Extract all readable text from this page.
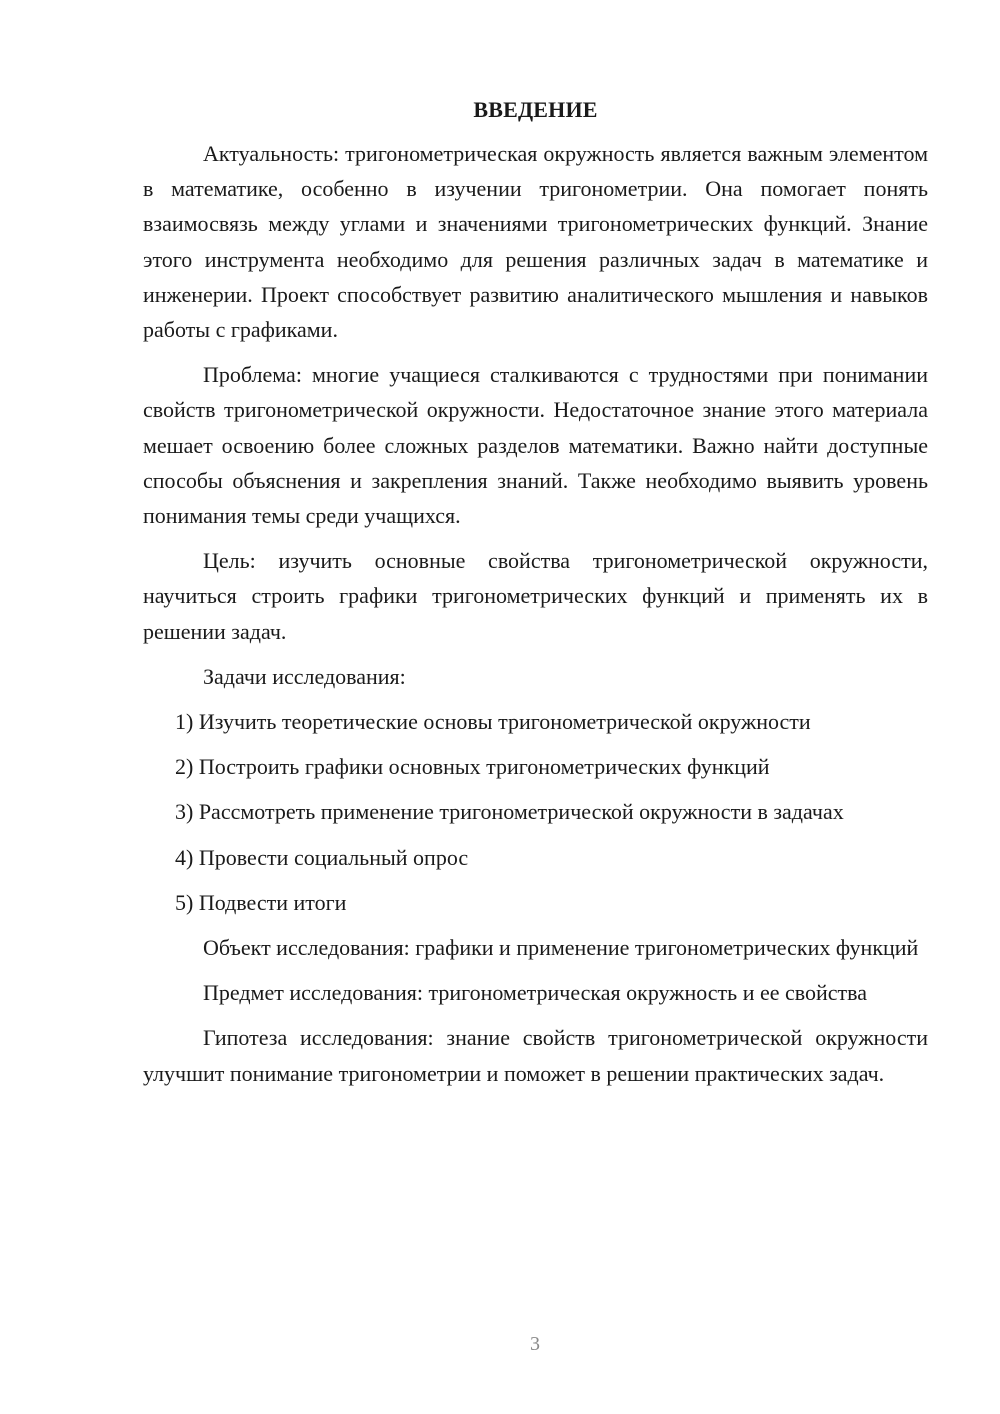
ВВЕДЕНИЕ

Актуальность: тригонометрическая окружность является важным элементом в математике, особенно в изучении тригонометрии. Она помогает понять взаимосвязь между углами и значениями тригонометрических функций. Знание этого инструмента необходимо для решения различных задач в математике и инженерии. Проект способствует развитию аналитического мышления и навыков работы с графиками.

Проблема: многие учащиеся сталкиваются с трудностями при понимании свойств тригонометрической окружности. Недостаточное знание этого материала мешает освоению более сложных разделов математики. Важно найти доступные способы объяснения и закрепления знаний. Также необходимо выявить уровень понимания темы среди учащихся.

Цель: изучить основные свойства тригонометрической окружности, научиться строить графики тригонометрических функций и применять их в решении задач.

Задачи исследования:

1) Изучить теоретические основы тригонометрической окружности

2) Построить графики основных тригонометрических функций

3) Рассмотреть применение тригонометрической окружности в задачах

4) Провести социальный опрос

5) Подвести итоги

Объект исследования: графики и применение тригонометрических функций

Предмет исследования: тригонометрическая окружность и ее свойства

Гипотеза исследования: знание свойств тригонометрической окружности улучшит понимание тригонометрии и поможет в решении практических задач.

3
